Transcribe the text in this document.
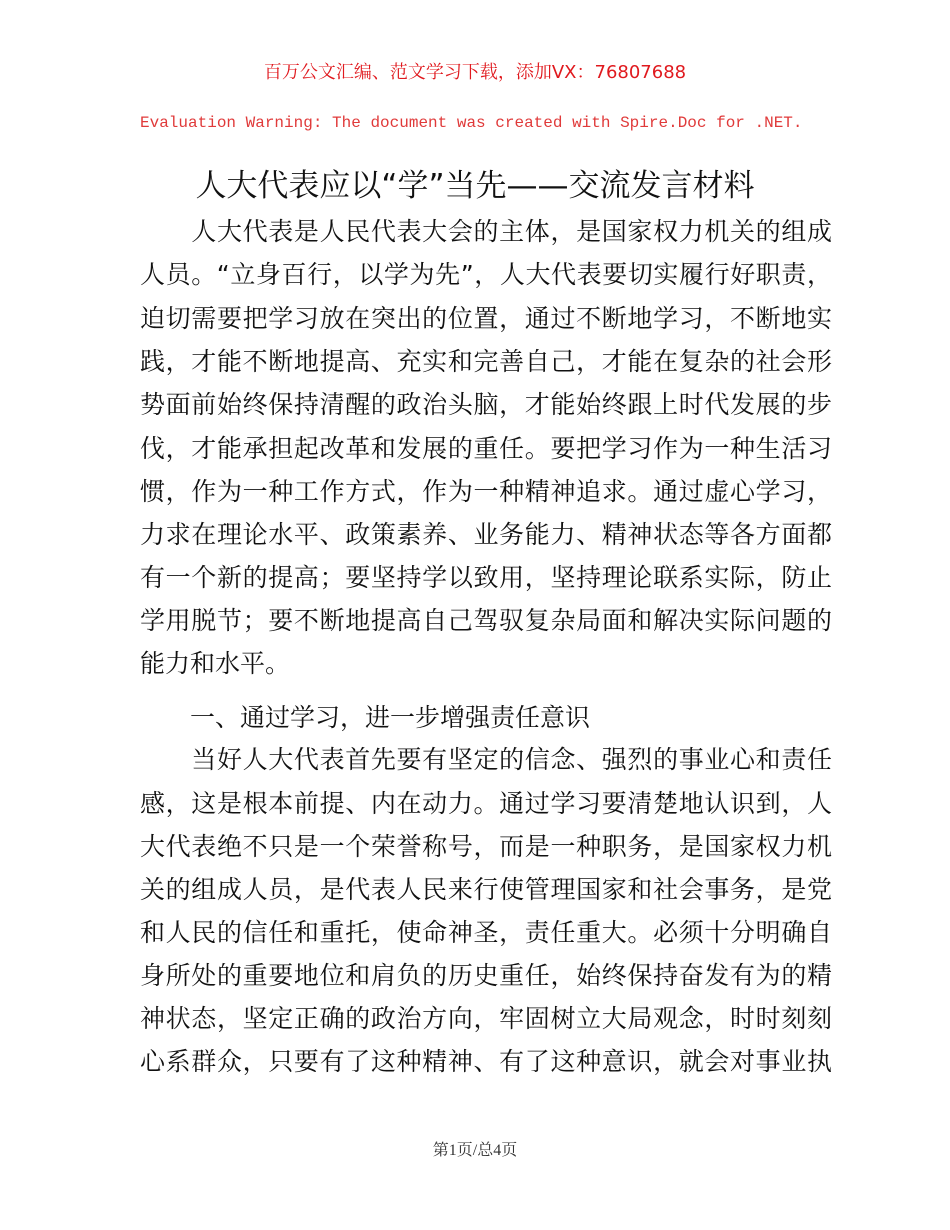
百万公文汇编、范文学习下载，添加VX：76807688
Evaluation Warning: The document was created with Spire.Doc for .NET.
人大代表应以“学”当先——交流发言材料
　　人大代表是人民代表大会的主体，是国家权力机关的组成
人员。“立身百行，以学为先”，人大代表要切实履行好职责，
迫切需要把学习放在突出的位置，通过不断地学习，不断地实
践，才能不断地提高、充实和完善自己，才能在复杂的社会形
势面前始终保持清醒的政治头脑，才能始终跟上时代发展的步
伐，才能承担起改革和发展的重任。要把学习作为一种生活习
惯，作为一种工作方式，作为一种精神追求。通过虚心学习，
力求在理论水平、政策素养、业务能力、精神状态等各方面都
有一个新的提高；要坚持学以致用，坚持理论联系实际，防止
学用脱节；要不断地提高自己驾驭复杂局面和解决实际问题的
能力和水平。
　　一、通过学习，进一步增强责任意识
　　当好人大代表首先要有坚定的信念、强烈的事业心和责任
感，这是根本前提、内在动力。通过学习要清楚地认识到，人
大代表绝不只是一个荣誉称号，而是一种职务，是国家权力机
关的组成人员，是代表人民来行使管理国家和社会事务，是党
和人民的信任和重托，使命神圣，责任重大。必须十分明确自
身所处的重要地位和肩负的历史重任，始终保持奋发有为的精
神状态，坚定正确的政治方向，牢固树立大局观念，时时刻刻
心系群众，只要有了这种精神、有了这种意识，就会对事业执
第1页/总4页
